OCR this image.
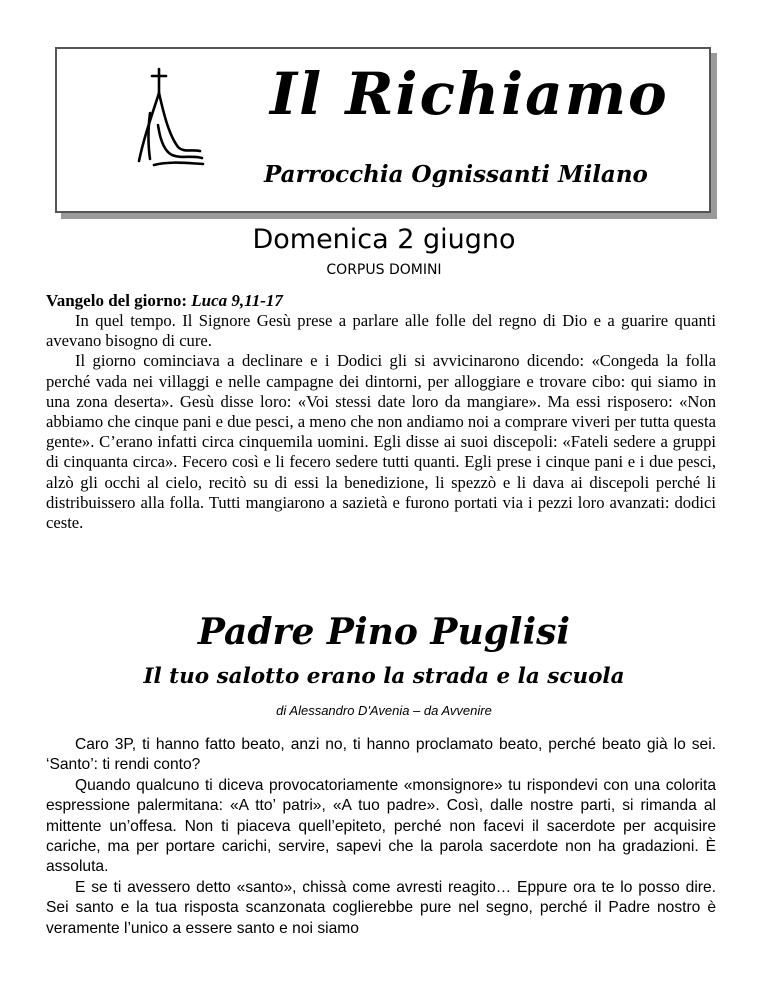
Il Richiamo
Parrocchia Ognissanti Milano
Domenica 2 giugno
CORPUS DOMINI

Vangelo del giorno: Luca 9,11-17

In quel tempo. Il Signore Gesù prese a parlare alle folle del regno di Dio e a guarire quanti avevano bisogno di cure.

Il giorno cominciava a declinare e i Dodici gli si avvicinarono dicendo: «Congeda la folla perché vada nei villaggi e nelle campagne dei dintorni, per alloggiare e trovare cibo: qui siamo in una zona deserta». Gesù disse loro: «Voi stessi date loro da mangiare». Ma essi risposero: «Non abbiamo che cinque pani e due pesci, a meno che non andiamo noi a comprare viveri per tutta questa gente». C’erano infatti circa cinquemila uomini. Egli disse ai suoi discepoli: «Fateli sedere a gruppi di cinquanta circa». Fecero così e li fecero sedere tutti quanti. Egli prese i cinque pani e i due pesci, alzò gli occhi al cielo, recitò su di essi la benedizione, li spezzò e li dava ai discepoli perché li distribuissero alla folla. Tutti mangiarono a sazietà e furono portati via i pezzi loro avanzati: dodici ceste.

Padre Pino Puglisi
Il tuo salotto erano la strada e la scuola
di Alessandro D'Avenia – da Avvenire

Caro 3P, ti hanno fatto beato, anzi no, ti hanno proclamato beato, perché beato già lo sei. ‘Santo’: ti rendi conto?

Quando qualcuno ti diceva provocatoriamente «monsignore» tu rispondevi con una colorita espressione palermitana: «A tto’ patri», «A tuo padre». Così, dalle nostre parti, si rimanda al mittente un’offesa. Non ti piaceva quell’epiteto, perché non facevi il sacerdote per acquisire cariche, ma per portare carichi, servire, sapevi che la parola sacerdote non ha gradazioni. È assoluta.

E se ti avessero detto «santo», chissà come avresti reagito… Eppure ora te lo posso dire. Sei santo e la tua risposta scanzonata coglierebbe pure nel segno, perché il Padre nostro è veramente l’unico a essere santo e noi siamo
